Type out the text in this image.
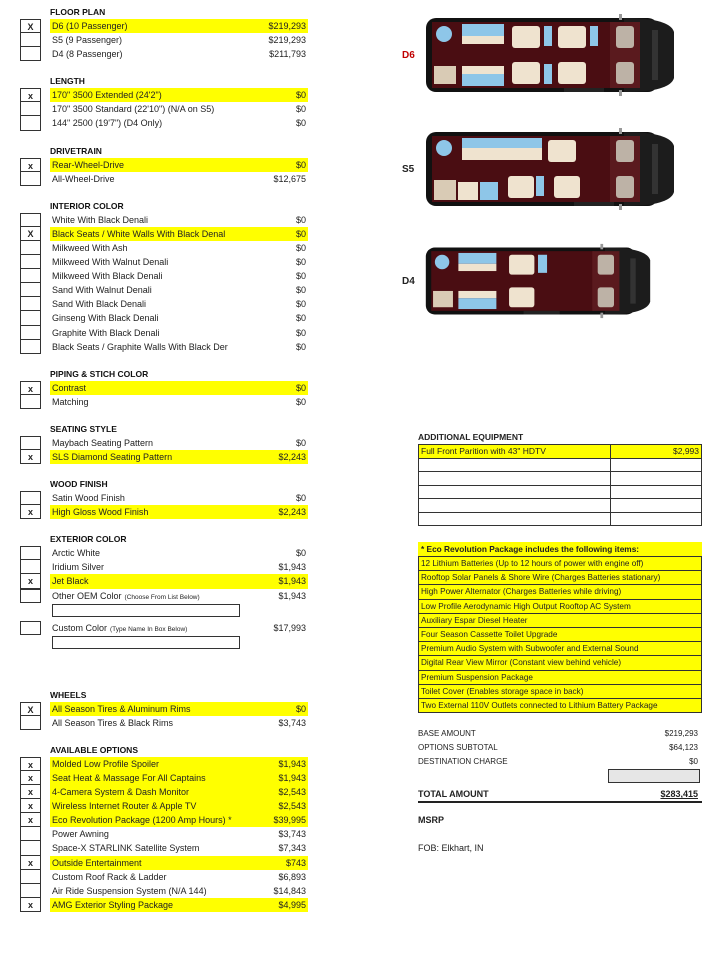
FLOOR PLAN
X	D6 (10 Passenger)	$219,293
S5 (9 Passenger)	$219,293
D4 (8 Passenger)	$211,793
LENGTH
x	170" 3500 Extended (24'2")	$0
170" 3500 Standard (22'10") (N/A on S5)	$0
144" 2500 (19'7") (D4 Only)	$0
DRIVETRAIN
x	Rear-Wheel-Drive	$0
All-Wheel-Drive	$12,675
INTERIOR COLOR
White With Black Denali	$0
X	Black Seats / White Walls With Black Denal	$0
Milkweed With Ash	$0
Milkweed With Walnut Denali	$0
Milkweed With Black Denali	$0
Sand With Walnut Denali	$0
Sand With Black Denali	$0
Ginseng With Black Denali	$0
Graphite With Black Denali	$0
Black Seats / Graphite Walls With Black Der	$0
PIPING & STICH COLOR
x	Contrast	$0
Matching	$0
SEATING STYLE
Maybach Seating Pattern	$0
x	SLS Diamond Seating Pattern	$2,243
WOOD FINISH
Satin Wood Finish	$0
x	High Gloss Wood Finish	$2,243
EXTERIOR COLOR
Arctic White	$0
Iridium Silver	$1,943
x	Jet Black	$1,943
Other OEM Color (Choose From List Below)	$1,943
Custom Color (Type Name In Box Below)	$17,993
WHEELS
X	All Season Tires & Aluminum Rims	$0
All Season Tires & Black Rims	$3,743
AVAILABLE OPTIONS
x	Molded Low Profile Spoiler	$1,943
x	Seat Heat & Massage For All Captains	$1,943
x	4-Camera System & Dash Monitor	$2,543
x	Wireless Internet Router & Apple TV	$2,543
x	Eco Revolution Package (1200 Amp Hours) *	$39,995
Power Awning	$3,743
Space-X STARLINK Satellite System	$7,343
x	Outside Entertainment	$743
Custom Roof Rack & Ladder	$6,893
Air Ride Suspension System (N/A 144)	$14,843
x	AMG Exterior Styling Package	$4,995
D6
S5
D4
ADDITIONAL EQUIPMENT
Full Front Parition with 43" HDTV	$2,993

* Eco Revolution Package includes the following items:
12 Lithium Batteries (Up to 12 hours of power with engine off)
Rooftop Solar Panels & Shore Wire (Charges Batteries stationary)
High Power Alternator (Charges Batteries while driving)
Low Profile Aerodynamic High Output Rooftop AC System
Auxiliary Espar Diesel Heater
Four Season Cassette Toilet Upgrade
Premium Audio System with Subwoofer and External Sound
Digital Rear View Mirror (Constant view behind vehicle)
Premium Suspension Package
Toilet Cover (Enables storage space in back)
Two External 110V Outlets connected to Lithium Battery Package
BASE AMOUNT	$219,293
OPTIONS SUBTOTAL	$64,123
DESTINATION CHARGE	$0
TOTAL AMOUNT	$283,415
MSRP
FOB: Elkhart, IN
